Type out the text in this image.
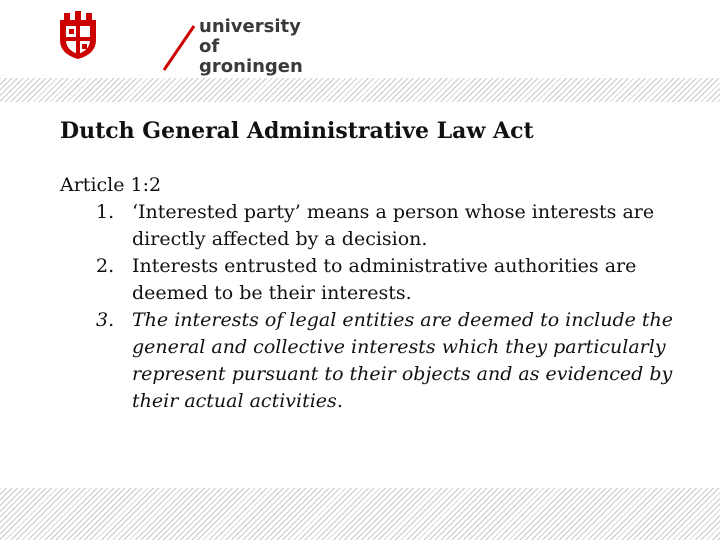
university of
groningen
Dutch General Administrative Law Act
Article 1:2
1. ‘Interested party’ means a person whose interests are directly affected by a decision.
2. Interests entrusted to administrative authorities are deemed to be their interests.
3. The interests of legal entities are deemed to include the general and collective interests which they particularly represent pursuant to their objects and as evidenced by their actual activities.
